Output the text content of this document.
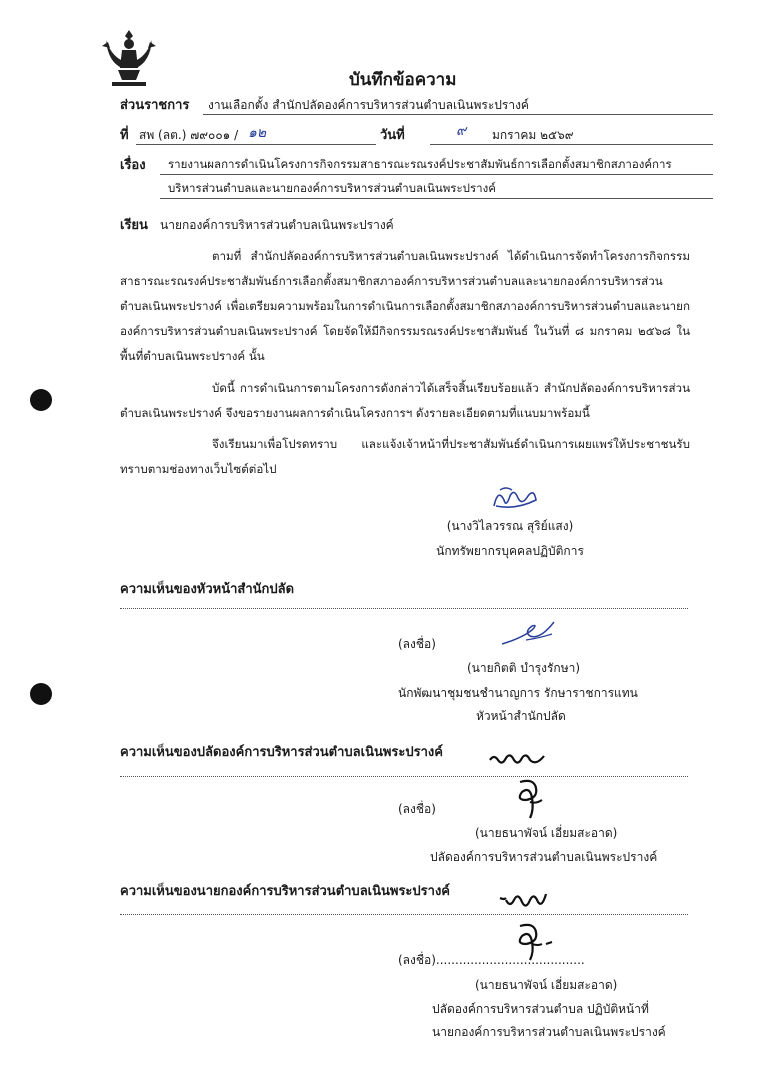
บันทึกข้อความ
ส่วนราชการ งานเลือกตั้ง สำนักปลัดองค์การบริหารส่วนตำบลเนินพระปรางค์
ที่ สพ (ลต.) ๗๙๐๐๑ / ๑๒	วันที่	๙ มกราคม ๒๕๖๙
เรื่อง รายงานผลการดำเนินโครงการกิจกรรมสาธารณะรณรงค์ประชาสัมพันธ์การเลือกตั้งสมาชิกสภาองค์การ
บริหารส่วนตำบลและนายกองค์การบริหารส่วนตำบลเนินพระปรางค์
เรียน นายกองค์การบริหารส่วนตำบลเนินพระปรางค์
ตามที่ สำนักปลัดองค์การบริหารส่วนตำบลเนินพระปรางค์ ได้ดำเนินการจัดทำโครงการกิจกรรมสาธารณะรณรงค์ประชาสัมพันธ์การเลือกตั้งสมาชิกสภาองค์การบริหารส่วนตำบลและนายกองค์การบริหารส่วนตำบลเนินพระปรางค์ เพื่อเตรียมความพร้อมในการดำเนินการเลือกตั้งสมาชิกสภาองค์การบริหารส่วนตำบลและนายกองค์การบริหารส่วนตำบลเนินพระปรางค์ โดยจัดให้มีกิจกรรมรณรงค์ประชาสัมพันธ์ ในวันที่ ๘ มกราคม ๒๕๖๘ ในพื้นที่ตำบลเนินพระปรางค์ นั้น
บัดนี้ การดำเนินการตามโครงการดังกล่าวได้เสร็จสิ้นเรียบร้อยแล้ว สำนักปลัดองค์การบริหารส่วนตำบลเนินพระปรางค์ จึงขอรายงานผลการดำเนินโครงการฯ ดังรายละเอียดตามที่แนบมาพร้อมนี้
จึงเรียนมาเพื่อโปรดทราบ และแจ้งเจ้าหน้าที่ประชาสัมพันธ์ดำเนินการเผยแพร่ให้ประชาชนรับทราบตามช่องทางเว็บไซต์ต่อไป
(นางวิไลวรรณ สุริย์แสง)
นักทรัพยากรบุคคลปฏิบัติการ
ความเห็นของหัวหน้าสำนักปลัด
(ลงชื่อ)
(นายกิตติ บำรุงรักษา)
นักพัฒนาชุมชนชำนาญการ รักษาราชการแทน
หัวหน้าสำนักปลัด
ความเห็นของปลัดองค์การบริหารส่วนตำบลเนินพระปรางค์
(ลงชื่อ)
(นายธนาพัจน์ เอี่ยมสะอาด)
ปลัดองค์การบริหารส่วนตำบลเนินพระปรางค์
ความเห็นของนายกองค์การบริหารส่วนตำบลเนินพระปรางค์
(ลงชื่อ).......................................
(นายธนาพัจน์ เอี่ยมสะอาด)
ปลัดองค์การบริหารส่วนตำบล ปฏิบัติหน้าที่
นายกองค์การบริหารส่วนตำบลเนินพระปรางค์
